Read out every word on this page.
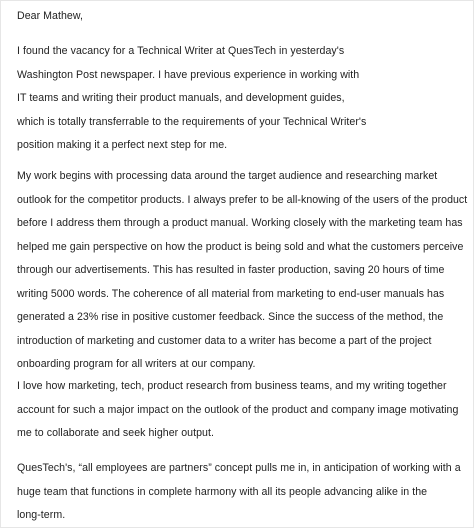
Dear Mathew,

I found the vacancy for a Technical Writer at QuesTech in yesterday's
Washington Post newspaper. I have previous experience in working with
IT teams and writing their product manuals, and development guides,
which is totally transferrable to the requirements of your Technical Writer's
position making it a perfect next step for me.
My work begins with processing data around the target audience and researching market
outlook for the competitor products. I always prefer to be all-knowing of the users of the product
before I address them through a product manual. Working closely with the marketing team has
helped me gain perspective on how the product is being sold and what the customers perceive
through our advertisements. This has resulted in faster production, saving 20 hours of time
writing 5000 words. The coherence of all material from marketing to end-user manuals has
generated a 23% rise in positive customer feedback. Since the success of the method, the
introduction of marketing and customer data to a writer has become a part of the project
onboarding program for all writers at our company.
I love how marketing, tech, product research from business teams, and my writing together
account for such a major impact on the outlook of the product and company image motivating
me to collaborate and seek higher output.
QuesTech's, “all employees are partners” concept pulls me in, in anticipation of working with a
huge team that functions in complete harmony with all its people advancing alike in the
long-term.
